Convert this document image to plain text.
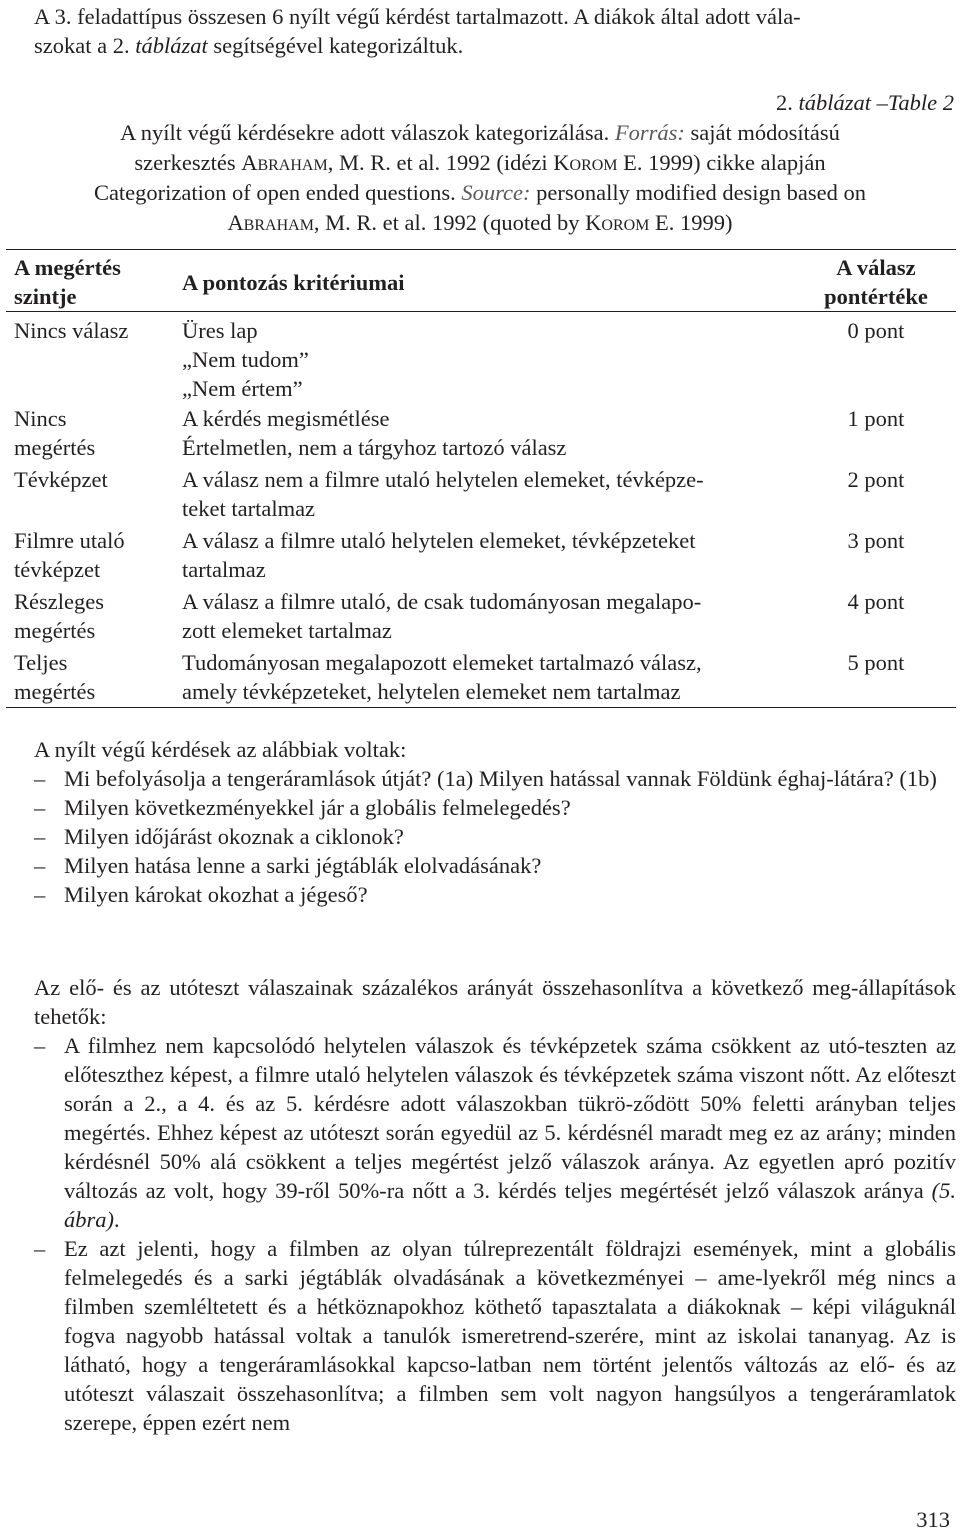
A 3. feladattípus összesen 6 nyílt végű kérdést tartalmazott. A diákok által adott vála-
szokat a 2. táblázat segítségével kategorizáltuk.
2. táblázat –Table 2
A nyílt végű kérdésekre adott válaszok kategorizálása. Forrás: saját módosítású
szerkesztés Abraham, M. R. et al. 1992 (idézi Korom E. 1999) cikke alapján
Categorization of open ended questions. Source: personally modified design based on
Abraham, M. R. et al. 1992 (quoted by Korom E. 1999)
A megértés
szintje
A pontozás kritériumai
A válasz
pontértéke
Nincs válasz	Üres lap
„Nem tudom”
„Nem értem”
0 pont
Nincs
megértés
A kérdés megismétlése
Értelmetlen, nem a tárgyhoz tartozó válasz
1 pont
Tévképzet	A válasz nem a filmre utaló helytelen elemeket, tévképze-
teket tartalmaz
2 pont
Filmre utaló
tévképzet
A válasz a filmre utaló helytelen elemeket, tévképzeteket
tartalmaz
3 pont
Részleges
megértés
A válasz a filmre utaló, de csak tudományosan megalapo-
zott elemeket tartalmaz
4 pont
Teljes
megértés
Tudományosan megalapozott elemeket tartalmazó válasz,
amely tévképzeteket, helytelen elemeket nem tartalmaz
5 pont
A nyílt végű kérdések az alábbiak voltak:
– Mi befolyásolja a tengeráramlások útját? (1a) Milyen hatással vannak Földünk éghaj-látára? (1b)
– Milyen következményekkel jár a globális felmelegedés?
– Milyen időjárást okoznak a ciklonok?
– Milyen hatása lenne a sarki jégtáblák elolvadásának?
– Milyen károkat okozhat a jégeső?
Az elő- és az utóteszt válaszainak százalékos arányát összehasonlítva a következő meg-állapítások tehetők:
– A filmhez nem kapcsolódó helytelen válaszok és tévképzetek száma csökkent az utó-teszten az előteszthez képest, a filmre utaló helytelen válaszok és tévképzetek száma viszont nőtt. Az előteszt során a 2., a 4. és az 5. kérdésre adott válaszokban tükrö-ződött 50% feletti arányban teljes megértés. Ehhez képest az utóteszt során egyedül az 5. kérdésnél maradt meg ez az arány; minden kérdésnél 50% alá csökkent a teljes megértést jelző válaszok aránya. Az egyetlen apró pozitív változás az volt, hogy 39-ről 50%-ra nőtt a 3. kérdés teljes megértését jelző válaszok aránya (5. ábra).
– Ez azt jelenti, hogy a filmben az olyan túlreprezentált földrajzi események, mint a globális felmelegedés és a sarki jégtáblák olvadásának a következményei – ame-lyekről még nincs a filmben szemléltetett és a hétköznapokhoz köthető tapasztalata a diákoknak – képi világuknál fogva nagyobb hatással voltak a tanulók ismeretrend-szerére, mint az iskolai tananyag. Az is látható, hogy a tengeráramlásokkal kapcso-latban nem történt jelentős változás az elő- és az utóteszt válaszait összehasonlítva; a filmben sem volt nagyon hangsúlyos a tengeráramlatok szerepe, éppen ezért nem
313
